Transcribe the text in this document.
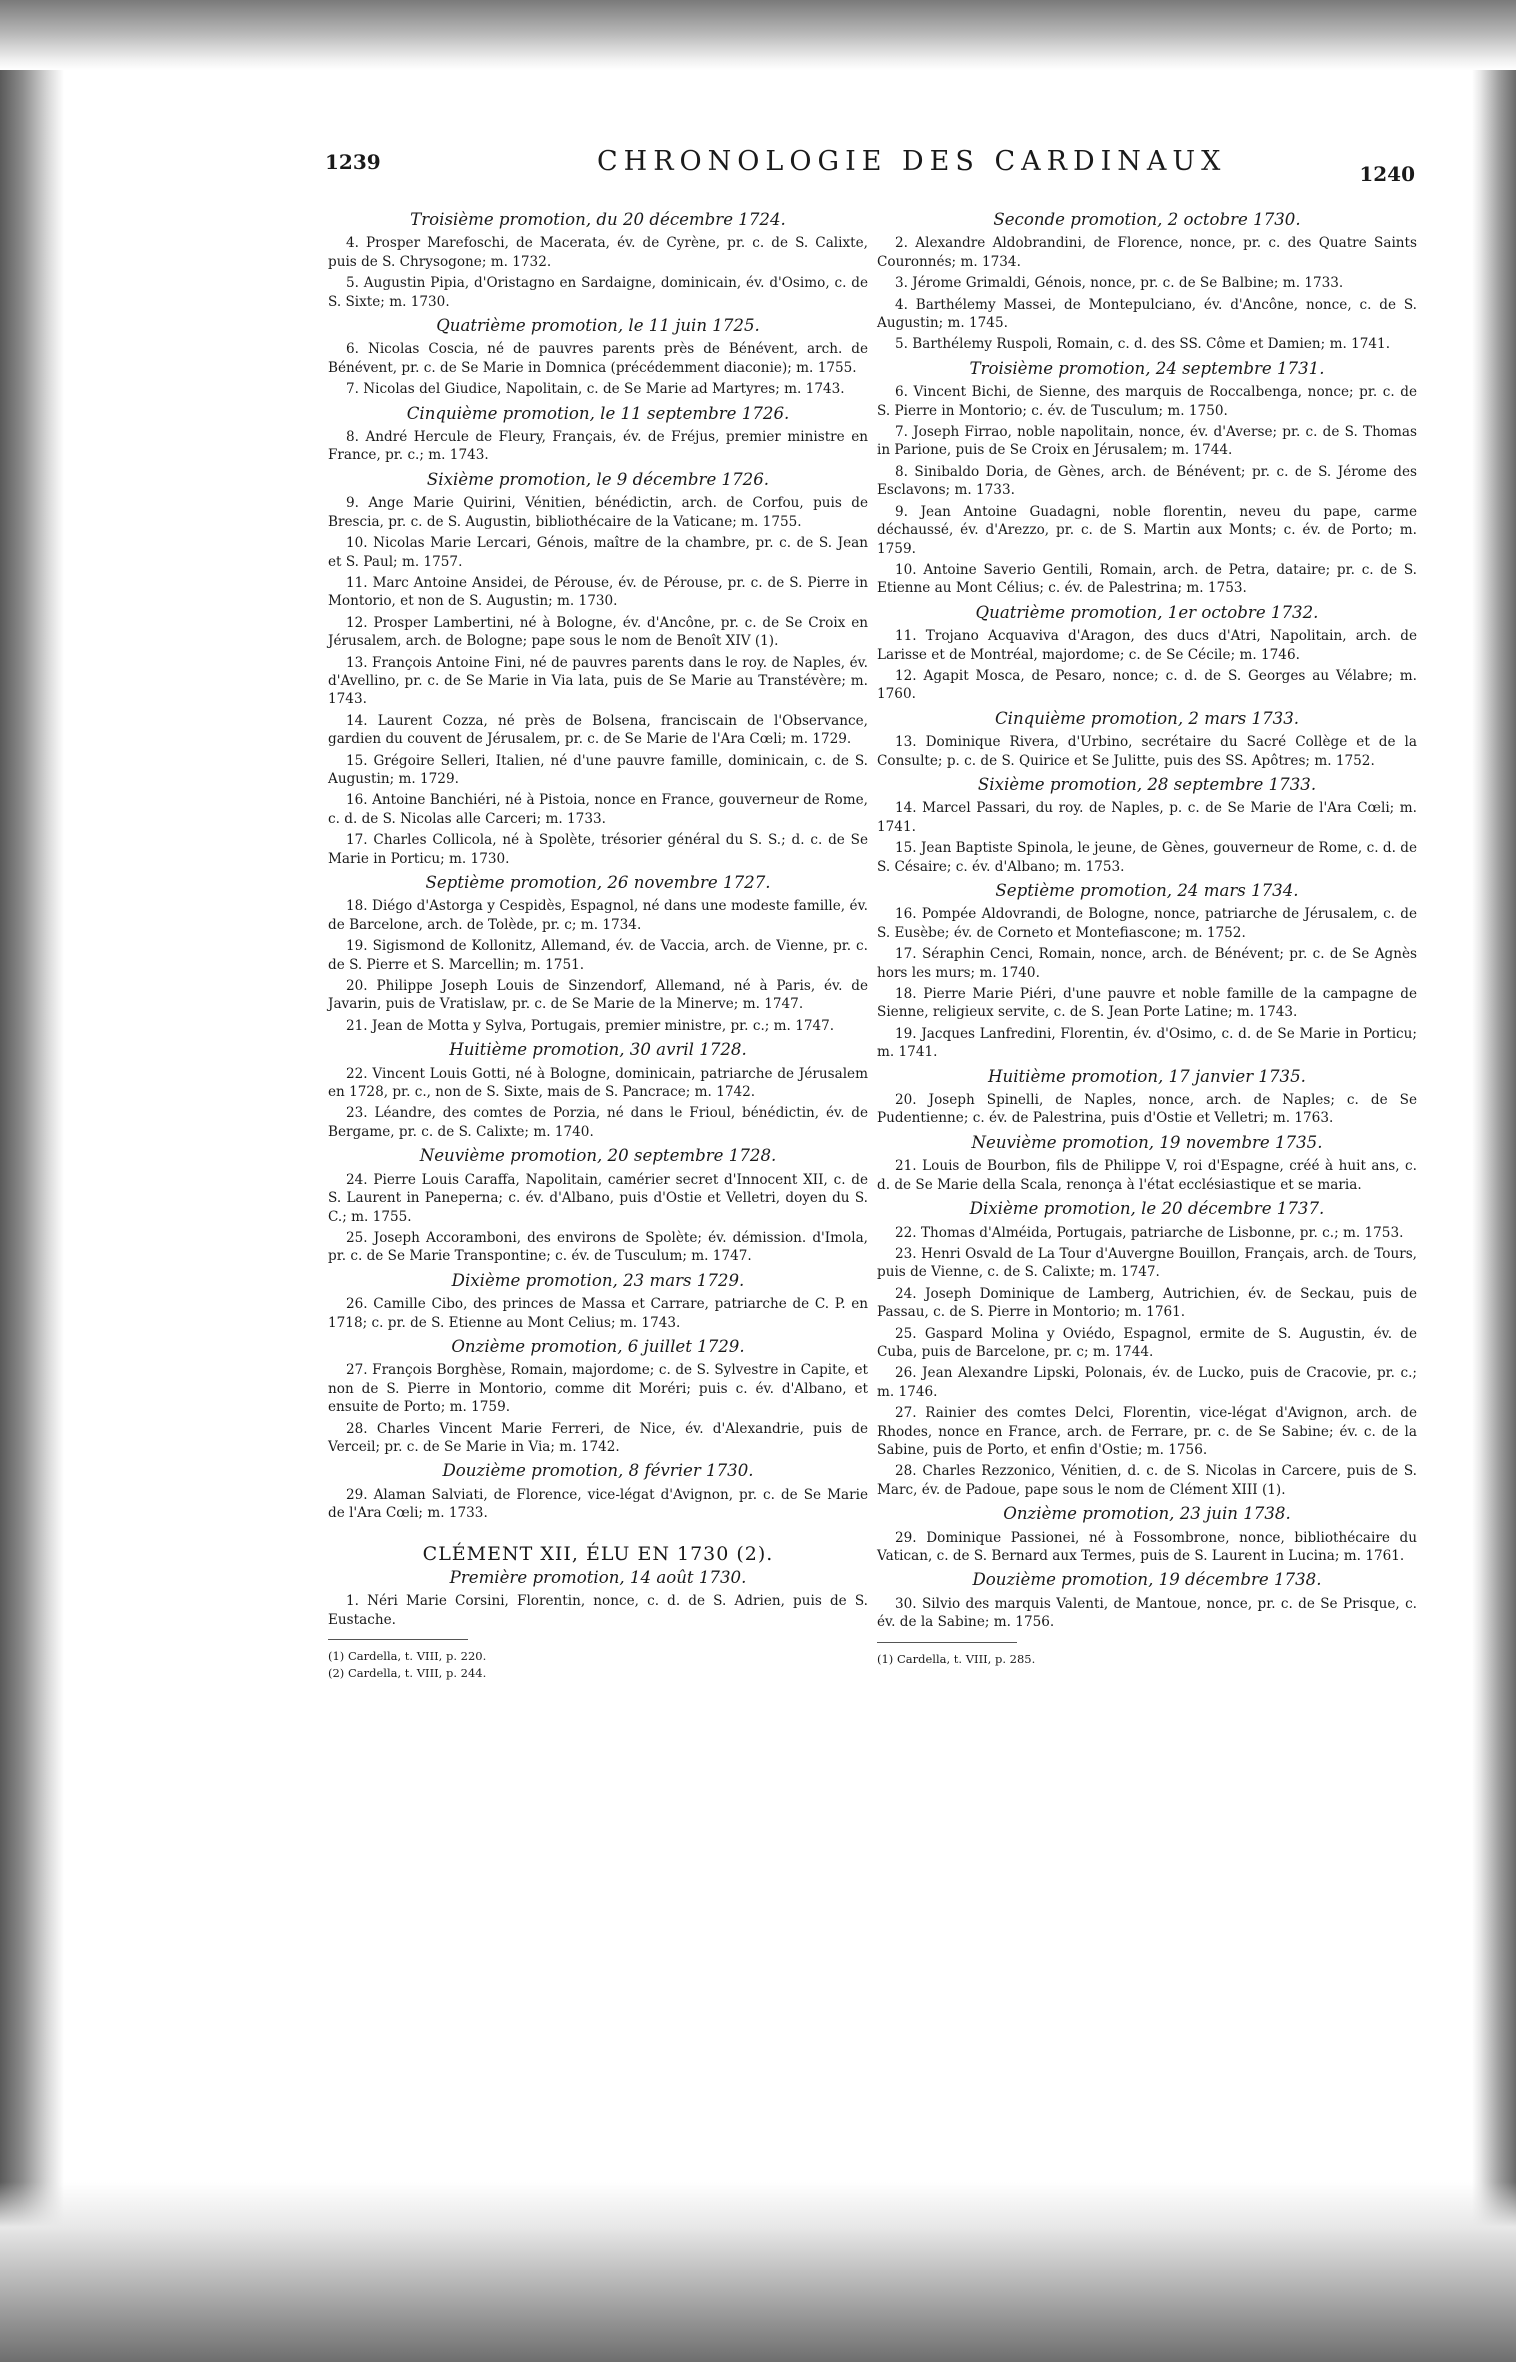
1239	CHRONOLOGIE DES CARDINAUX	1240
Troisième promotion, du 20 décembre 1724.

4. Prosper Marefoschi, de Macerata, év. de Cyrène, pr. c. de S. Calixte, puis de S. Chrysogone; m. 1732.

5. Augustin Pipia, d'Oristagno en Sardaigne, dominicain, év. d'Osimo, c. de S. Sixte; m. 1730.

Quatrième promotion, le 11 juin 1725.

6. Nicolas Coscia, né de pauvres parents près de Bénévent, arch. de Bénévent, pr. c. de Se Marie in Domnica (précédemment diaconie); m. 1755.

7. Nicolas del Giudice, Napolitain, c. de Se Marie ad Martyres; m. 1743.

Cinquième promotion, le 11 septembre 1726.

8. André Hercule de Fleury, Français, év. de Fréjus, premier ministre en France, pr. c.; m. 1743.

Sixième promotion, le 9 décembre 1726.

9. Ange Marie Quirini, Vénitien, bénédictin, arch. de Corfou, puis de Brescia, pr. c. de S. Augustin, bibliothécaire de la Vaticane; m. 1755.

10. Nicolas Marie Lercari, Génois, maître de la chambre, pr. c. de S. Jean et S. Paul; m. 1757.

11. Marc Antoine Ansidei, de Pérouse, év. de Pérouse, pr. c. de S. Pierre in Montorio, et non de S. Augustin; m. 1730.

12. Prosper Lambertini, né à Bologne, év. d'Ancône, pr. c. de Se Croix en Jérusalem, arch. de Bologne; pape sous le nom de Benoît XIV (1).

13. François Antoine Fini, né de pauvres parents dans le roy. de Naples, év. d'Avellino, pr. c. de Se Marie in Via lata, puis de Se Marie au Transtévère; m. 1743.

14. Laurent Cozza, né près de Bolsena, franciscain de l'Observance, gardien du couvent de Jérusalem, pr. c. de Se Marie de l'Ara Cœli; m. 1729.

15. Grégoire Selleri, Italien, né d'une pauvre famille, dominicain, c. de S. Augustin; m. 1729.

16. Antoine Banchiéri, né à Pistoia, nonce en France, gouverneur de Rome, c. d. de S. Nicolas alle Carceri; m. 1733.

17. Charles Collicola, né à Spolète, trésorier général du S. S.; d. c. de Se Marie in Porticu; m. 1730.

Septième promotion, 26 novembre 1727.

18. Diégo d'Astorga y Cespidès, Espagnol, né dans une modeste famille, év. de Barcelone, arch. de Tolède, pr. c; m. 1734.

19. Sigismond de Kollonitz, Allemand, év. de Vaccia, arch. de Vienne, pr. c. de S. Pierre et S. Marcellin; m. 1751.

20. Philippe Joseph Louis de Sinzendorf, Allemand, né à Paris, év. de Javarin, puis de Vratislaw, pr. c. de Se Marie de la Minerve; m. 1747.

21. Jean de Motta y Sylva, Portugais, premier ministre, pr. c.; m. 1747.

Huitième promotion, 30 avril 1728.

22. Vincent Louis Gotti, né à Bologne, dominicain, patriarche de Jérusalem en 1728, pr. c., non de S. Sixte, mais de S. Pancrace; m. 1742.

23. Léandre, des comtes de Porzia, né dans le Frioul, bénédictin, év. de Bergame, pr. c. de S. Calixte; m. 1740.

Neuvième promotion, 20 septembre 1728.

24. Pierre Louis Caraffa, Napolitain, camérier secret d'Innocent XII, c. de S. Laurent in Paneperna; c. év. d'Albano, puis d'Ostie et Velletri, doyen du S. C.; m. 1755.

25. Joseph Accoramboni, des environs de Spolète; év. démission. d'Imola, pr. c. de Se Marie Transpontine; c. év. de Tusculum; m. 1747.

Dixième promotion, 23 mars 1729.

26. Camille Cibo, des princes de Massa et Carrare, patriarche de C. P. en 1718; c. pr. de S. Etienne au Mont Celius; m. 1743.

Onzième promotion, 6 juillet 1729.

27. François Borghèse, Romain, majordome; c. de S. Sylvestre in Capite, et non de S. Pierre in Montorio, comme dit Moréri; puis c. év. d'Albano, et ensuite de Porto; m. 1759.

28. Charles Vincent Marie Ferreri, de Nice, év. d'Alexandrie, puis de Verceil; pr. c. de Se Marie in Via; m. 1742.

Douzième promotion, 8 février 1730.

29. Alaman Salviati, de Florence, vice-légat d'Avignon, pr. c. de Se Marie de l'Ara Cœli; m. 1733.

CLÉMENT XII, ÉLU EN 1730 (2).
Première promotion, 14 août 1730.

1. Néri Marie Corsini, Florentin, nonce, c. d. de S. Adrien, puis de S. Eustache.

(1) Cardella, t. VIII, p. 220.

(2) Cardella, t. VIII, p. 244.

Seconde promotion, 2 octobre 1730.

2. Alexandre Aldobrandini, de Florence, nonce, pr. c. des Quatre Saints Couronnés; m. 1734.

3. Jérome Grimaldi, Génois, nonce, pr. c. de Se Balbine; m. 1733.

4. Barthélemy Massei, de Montepulciano, év. d'Ancône, nonce, c. de S. Augustin; m. 1745.

5. Barthélemy Ruspoli, Romain, c. d. des SS. Côme et Damien; m. 1741.

Troisième promotion, 24 septembre 1731.

6. Vincent Bichi, de Sienne, des marquis de Roccalbenga, nonce; pr. c. de S. Pierre in Montorio; c. év. de Tusculum; m. 1750.

7. Joseph Firrao, noble napolitain, nonce, év. d'Averse; pr. c. de S. Thomas in Parione, puis de Se Croix en Jérusalem; m. 1744.

8. Sinibaldo Doria, de Gènes, arch. de Bénévent; pr. c. de S. Jérome des Esclavons; m. 1733.

9. Jean Antoine Guadagni, noble florentin, neveu du pape, carme déchaussé, év. d'Arezzo, pr. c. de S. Martin aux Monts; c. év. de Porto; m. 1759.

10. Antoine Saverio Gentili, Romain, arch. de Petra, dataire; pr. c. de S. Etienne au Mont Célius; c. év. de Palestrina; m. 1753.

Quatrième promotion, 1er octobre 1732.

11. Trojano Acquaviva d'Aragon, des ducs d'Atri, Napolitain, arch. de Larisse et de Montréal, majordome; c. de Se Cécile; m. 1746.

12. Agapit Mosca, de Pesaro, nonce; c. d. de S. Georges au Vélabre; m. 1760.

Cinquième promotion, 2 mars 1733.

13. Dominique Rivera, d'Urbino, secrétaire du Sacré Collège et de la Consulte; p. c. de S. Quirice et Se Julitte, puis des SS. Apôtres; m. 1752.

Sixième promotion, 28 septembre 1733.

14. Marcel Passari, du roy. de Naples, p. c. de Se Marie de l'Ara Cœli; m. 1741.

15. Jean Baptiste Spinola, le jeune, de Gènes, gouverneur de Rome, c. d. de S. Césaire; c. év. d'Albano; m. 1753.

Septième promotion, 24 mars 1734.

16. Pompée Aldovrandi, de Bologne, nonce, patriarche de Jérusalem, c. de S. Eusèbe; év. de Corneto et Montefiascone; m. 1752.

17. Séraphin Cenci, Romain, nonce, arch. de Bénévent; pr. c. de Se Agnès hors les murs; m. 1740.

18. Pierre Marie Piéri, d'une pauvre et noble famille de la campagne de Sienne, religieux servite, c. de S. Jean Porte Latine; m. 1743.

19. Jacques Lanfredini, Florentin, év. d'Osimo, c. d. de Se Marie in Porticu; m. 1741.

Huitième promotion, 17 janvier 1735.

20. Joseph Spinelli, de Naples, nonce, arch. de Naples; c. de Se Pudentienne; c. év. de Palestrina, puis d'Ostie et Velletri; m. 1763.

Neuvième promotion, 19 novembre 1735.

21. Louis de Bourbon, fils de Philippe V, roi d'Espagne, créé à huit ans, c. d. de Se Marie della Scala, renonça à l'état ecclésiastique et se maria.

Dixième promotion, le 20 décembre 1737.

22. Thomas d'Alméida, Portugais, patriarche de Lisbonne, pr. c.; m. 1753.

23. Henri Osvald de La Tour d'Auvergne Bouillon, Français, arch. de Tours, puis de Vienne, c. de S. Calixte; m. 1747.

24. Joseph Dominique de Lamberg, Autrichien, év. de Seckau, puis de Passau, c. de S. Pierre in Montorio; m. 1761.

25. Gaspard Molina y Oviédo, Espagnol, ermite de S. Augustin, év. de Cuba, puis de Barcelone, pr. c; m. 1744.

26. Jean Alexandre Lipski, Polonais, év. de Lucko, puis de Cracovie, pr. c.; m. 1746.

27. Rainier des comtes Delci, Florentin, vice-légat d'Avignon, arch. de Rhodes, nonce en France, arch. de Ferrare, pr. c. de Se Sabine; év. c. de la Sabine, puis de Porto, et enfin d'Ostie; m. 1756.

28. Charles Rezzonico, Vénitien, d. c. de S. Nicolas in Carcere, puis de S. Marc, év. de Padoue, pape sous le nom de Clément XIII (1).

Onzième promotion, 23 juin 1738.

29. Dominique Passionei, né à Fossombrone, nonce, bibliothécaire du Vatican, c. de S. Bernard aux Termes, puis de S. Laurent in Lucina; m. 1761.

Douzième promotion, 19 décembre 1738.

30. Silvio des marquis Valenti, de Mantoue, nonce, pr. c. de Se Prisque, c. év. de la Sabine; m. 1756.

(1) Cardella, t. VIII, p. 285.
